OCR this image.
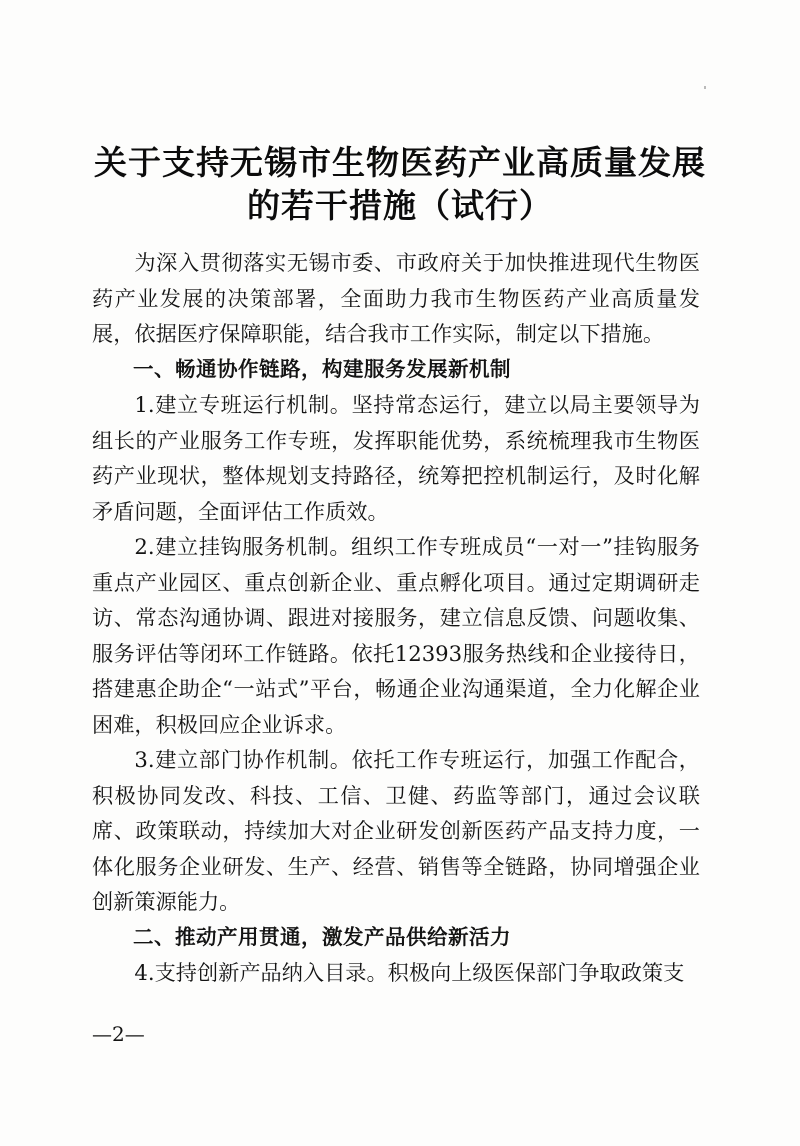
关于支持无锡市生物医药产业高质量发展
的若干措施（试行）

为深入贯彻落实无锡市委、市政府关于加快推进现代生物医药产业发展的决策部署，全面助力我市生物医药产业高质量发展，依据医疗保障职能，结合我市工作实际，制定以下措施。

一、畅通协作链路，构建服务发展新机制

1.建立专班运行机制。坚持常态运行，建立以局主要领导为组长的产业服务工作专班，发挥职能优势，系统梳理我市生物医药产业现状，整体规划支持路径，统筹把控机制运行，及时化解矛盾问题，全面评估工作质效。

2.建立挂钩服务机制。组织工作专班成员“一对一”挂钩服务重点产业园区、重点创新企业、重点孵化项目。通过定期调研走访、常态沟通协调、跟进对接服务，建立信息反馈、问题收集、服务评估等闭环工作链路。依托12393服务热线和企业接待日，搭建惠企助企“一站式”平台，畅通企业沟通渠道，全力化解企业困难，积极回应企业诉求。

3.建立部门协作机制。依托工作专班运行，加强工作配合，积极协同发改、科技、工信、卫健、药监等部门，通过会议联席、政策联动，持续加大对企业研发创新医药产品支持力度，一体化服务企业研发、生产、经营、销售等全链路，协同增强企业创新策源能力。

二、推动产用贯通，激发产品供给新活力

4.支持创新产品纳入目录。积极向上级医保部门争取政策支

—2—
